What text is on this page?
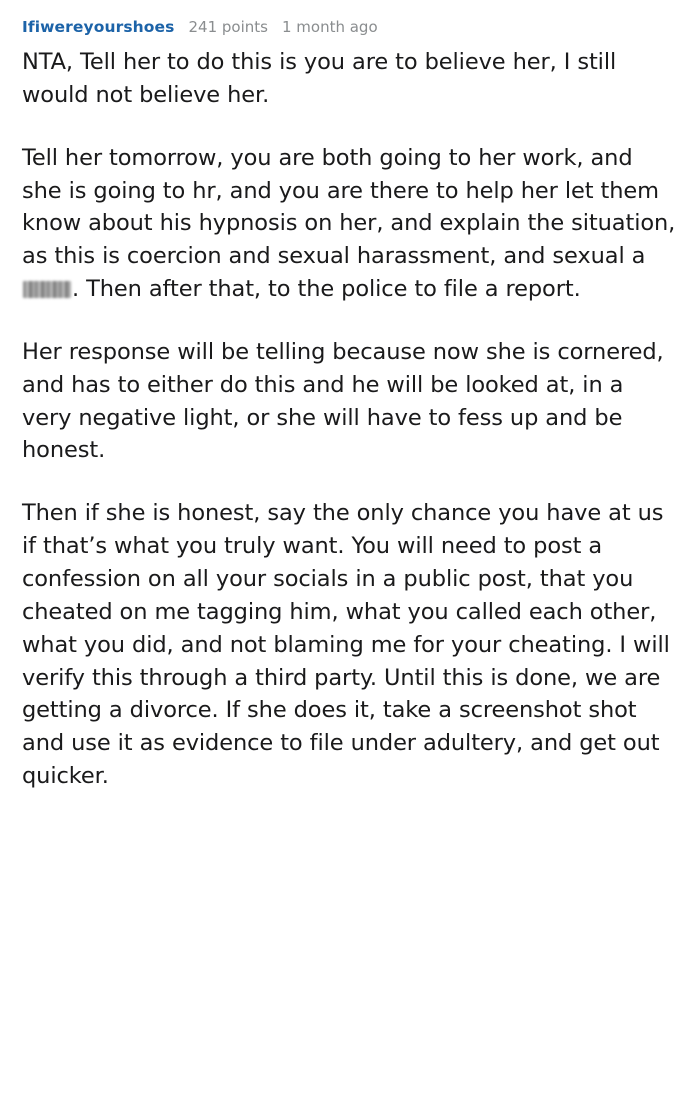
Ifiwereyourshoes 241 points 1 month ago

NTA, Tell her to do this is you are to believe her, I still would not believe her.

Tell her tomorrow, you are both going to her work, and she is going to hr, and you are there to help her let them know about his hypnosis on her, and explain the situation, as this is coercion and sexual harassment, and sexual a. Then after that, to the police to file a report.

Her response will be telling because now she is cornered, and has to either do this and he will be looked at, in a very negative light, or she will have to fess up and be honest.

Then if she is honest, say the only chance you have at us if that’s what you truly want. You will need to post a confession on all your socials in a public post, that you cheated on me tagging him, what you called each other, what you did, and not blaming me for your cheating. I will verify this through a third party. Until this is done, we are getting a divorce. If she does it, take a screenshot shot and use it as evidence to file under adultery, and get out quicker.
